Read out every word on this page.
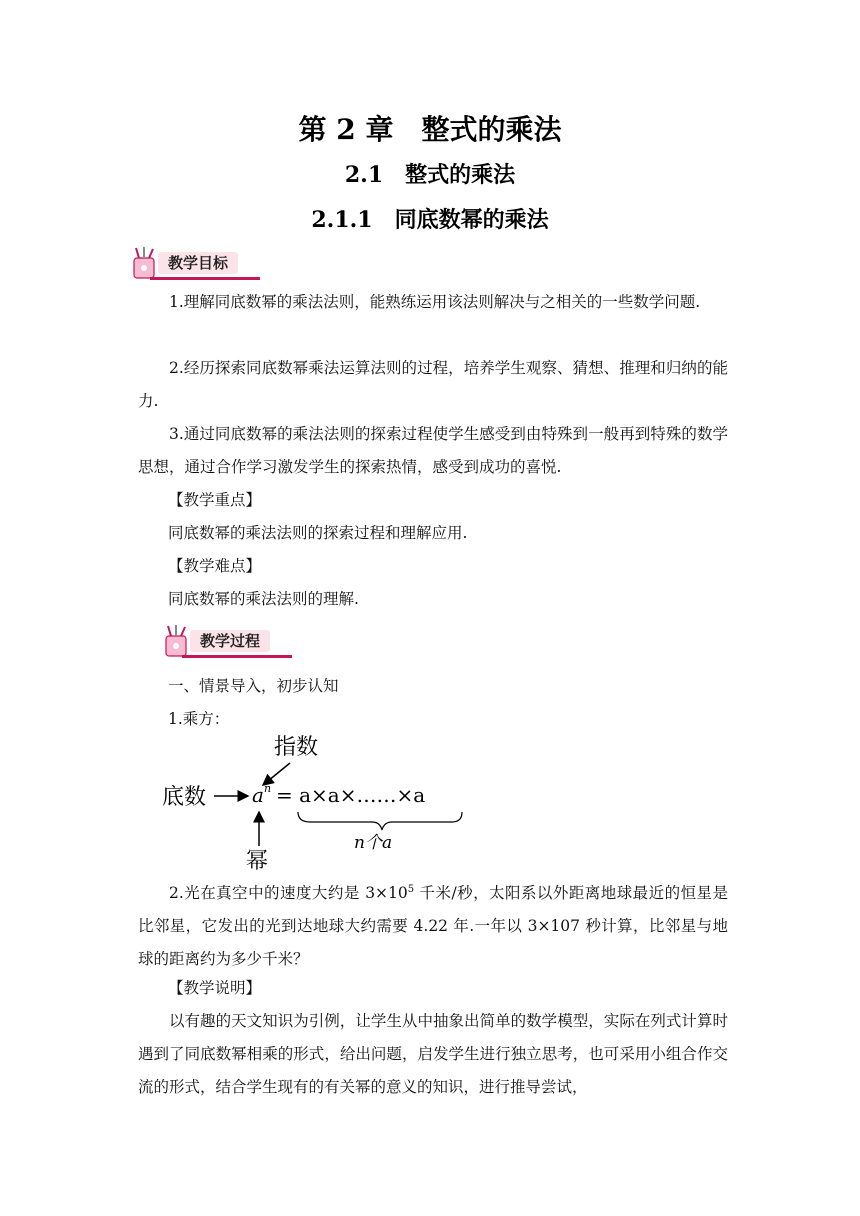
第 2 章　整式的乘法
2.1　整式的乘法
2.1.1　同底数幂的乘法
教学目标

1.理解同底数幂的乘法法则，能熟练运用该法则解决与之相关的一些数学问题.

2.经历探索同底数幂乘法运算法则的过程，培养学生观察、猜想、推理和归纳的能力.

3.通过同底数幂的乘法法则的探索过程使学生感受到由特殊到一般再到特殊的数学思想，通过合作学习激发学生的探索热情，感受到成功的喜悦.

【教学重点】

同底数幂的乘法法则的探索过程和理解应用.

【教学难点】

同底数幂的乘法法则的理解.

教学过程

一、情景导入，初步认知

1.乘方：

指数
底数 a n = a×a×……×a
n个a
幂

2.光在真空中的速度大约是 $3\times 10^5$ 千米/秒，太阳系以外距离地球最近的恒星是比邻星，它发出的光到达地球大约需要 4.22 年.一年以 3×107 秒计算，比邻星与地球的距离约为多少千米？

【教学说明】

以有趣的天文知识为引例，让学生从中抽象出简单的数学模型，实际在列式计算时遇到了同底数幂相乘的形式，给出问题，启发学生进行独立思考，也可采用小组合作交流的形式，结合学生现有的有关幂的意义的知识，进行推导尝试，
